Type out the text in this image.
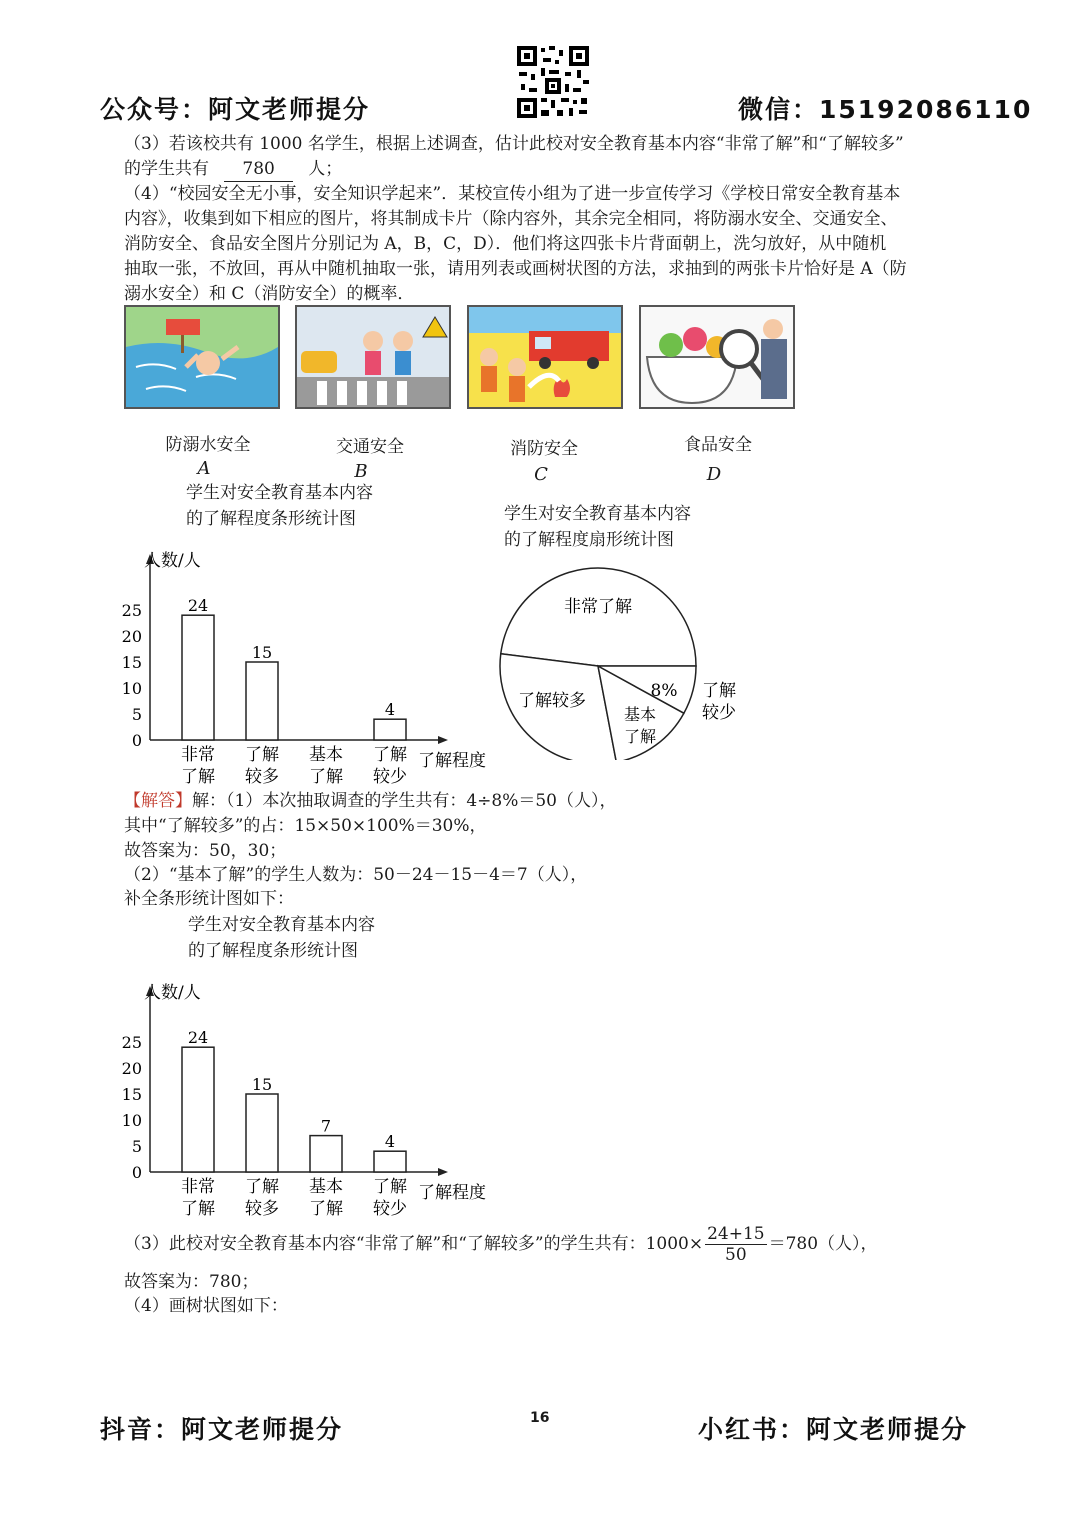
公众号：阿文老师提分	微信：15192086110
（3）若该校共有 1000 名学生，根据上述调查，估计此校对安全教育基本内容“非常了解”和“了解较多”
的学生共有 780 人；
（4）“校园安全无小事，安全知识学起来”．某校宣传小组为了进一步宣传学习《学校日常安全教育基本
内容》，收集到如下相应的图片，将其制成卡片（除内容外，其余完全相同，将防溺水安全、交通安全、
消防安全、食品安全图片分别记为 A，B，C，D）．他们将这四张卡片背面朝上，洗匀放好，从中随机
抽取一张，不放回，再从中随机抽取一张，请用列表或画树状图的方法，求抽到的两张卡片恰好是 A（防
溺水安全）和 C（消防安全）的概率．
防溺水安全	交通安全	消防安全	食品安全
A	B	C	D
学生对安全教育基本内容
的了解程度条形统计图	学生对安全教育基本内容
的了解程度扇形统计图
人数/人
0
5
10
15
20
25	24
非常
了解
15
了解
较多
基本
了解
4
了解
较少
了解程度
非常了解
了解较多
基本
了解
8% 了解
较少
【解答】解：（1）本次抽取调查的学生共有：4÷8%＝50（人），
其中“了解较多”的占：15×50×100%＝30%，
故答案为：50，30；
（2）“基本了解”的学生人数为：50－24－15－4＝7（人），
补全条形统计图如下：
学生对安全教育基本内容
的了解程度条形统计图
人数/人
0
5
10
15
20
25	24
非常
了解
15
了解
较多
7
基本
了解
4
了解
较少
了解程度
（3）此校对安全教育基本内容“非常了解”和“了解较多”的学生共有：$1000\times \frac{24+15}{50} =780$（人），
故答案为：780；
（4）画树状图如下：
抖音：阿文老师提分	16	小红书：阿文老师提分
